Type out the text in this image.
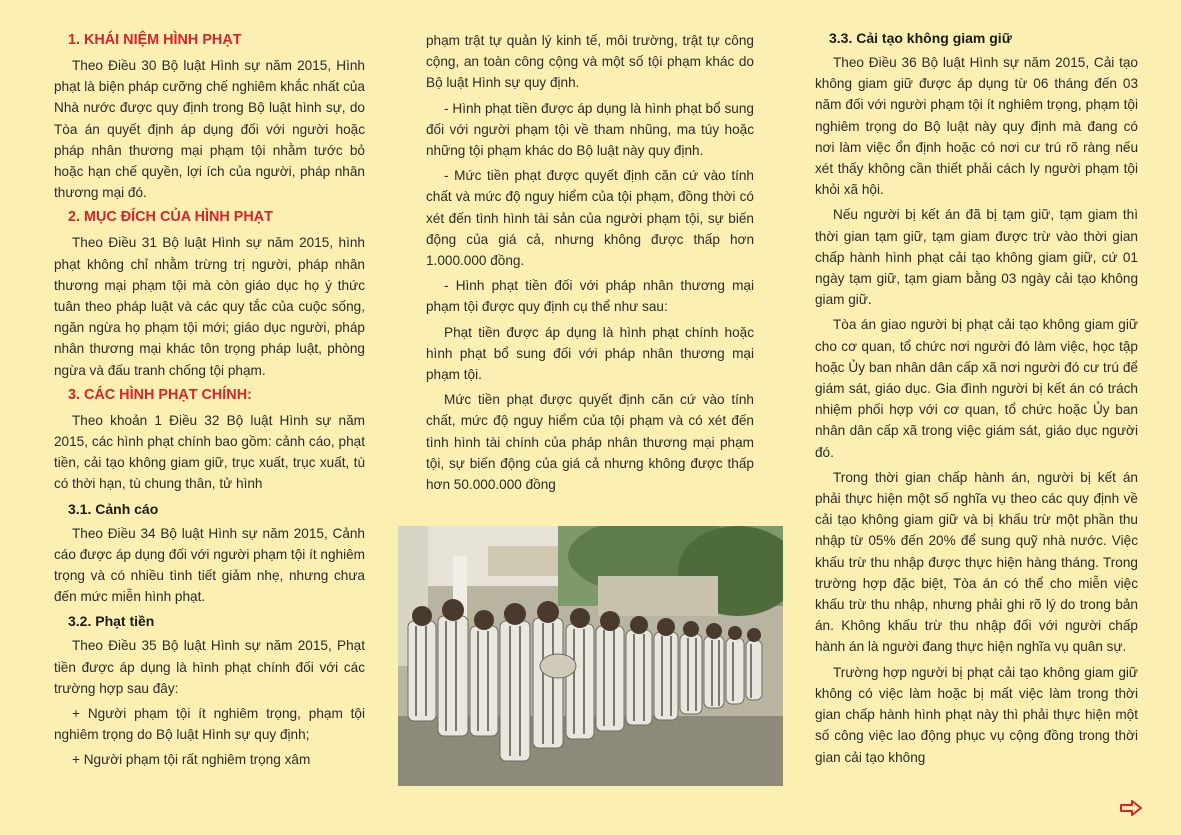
1. KHÁI NIỆM HÌNH PHẠT

Theo Điều 30 Bộ luật Hình sự năm 2015, Hình phạt là biện pháp cưỡng chế nghiêm khắc nhất của Nhà nước được quy định trong Bộ luật hình sự, do Tòa án quyết định áp dụng đối với người hoặc pháp nhân thương mại phạm tội nhằm tước bỏ hoặc hạn chế quyền, lợi ích của người, pháp nhân thương mại đó.

2. MỤC ĐÍCH CỦA HÌNH PHẠT

Theo Điều 31 Bộ luật Hình sự năm 2015, hình phạt không chỉ nhằm trừng trị người, pháp nhân thương mại phạm tội mà còn giáo dục họ ý thức tuân theo pháp luật và các quy tắc của cuộc sống, ngăn ngừa họ phạm tội mới; giáo dục người, pháp nhân thương mại khác tôn trọng pháp luật, phòng ngừa và đấu tranh chống tội phạm.

3. CÁC HÌNH PHẠT CHÍNH:

Theo khoản 1 Điều 32 Bộ luật Hình sự năm 2015, các hình phạt chính bao gồm: cảnh cáo, phạt tiền, cải tạo không giam giữ, trục xuất, trục xuất, tù có thời hạn, tù chung thân, tử hình

3.1. Cảnh cáo

Theo Điều 34 Bộ luật Hình sự năm 2015, Cảnh cáo được áp dụng đối với người phạm tội ít nghiêm trọng và có nhiều tình tiết giảm nhẹ, nhưng chưa đến mức miễn hình phạt.

3.2. Phạt tiền

Theo Điều 35 Bộ luật Hình sự năm 2015, Phạt tiền được áp dụng là hình phạt chính đối với các trường hợp sau đây:

+ Người phạm tội ít nghiêm trọng, phạm tội nghiêm trọng do Bộ luật Hình sự quy định;

+ Người phạm tội rất nghiêm trọng xâm

phạm trật tự quản lý kinh tế, môi trường, trật tự công cộng, an toàn công cộng và một số tội phạm khác do Bộ luật Hình sự quy định.

- Hình phạt tiền được áp dụng là hình phạt bổ sung đối với người phạm tội về tham nhũng, ma túy hoặc những tội phạm khác do Bộ luật này quy định.

- Mức tiền phạt được quyết định căn cứ vào tính chất và mức độ nguy hiểm của tội phạm, đồng thời có xét đến tình hình tài sản của người phạm tội, sự biến động của giá cả, nhưng không được thấp hơn 1.000.000 đồng.

- Hình phạt tiền đối với pháp nhân thương mại phạm tội được quy định cụ thể như sau:

Phạt tiền được áp dụng là hình phạt chính hoặc hình phạt bổ sung đối với pháp nhân thương mại phạm tội.

Mức tiền phạt được quyết định căn cứ vào tính chất, mức độ nguy hiểm của tội phạm và có xét đến tình hình tài chính của pháp nhân thương mại phạm tội, sự biến động của giá cả nhưng không được thấp hơn 50.000.000 đồng

3.3. Cải tạo không giam giữ

Theo Điều 36 Bộ luật Hình sự năm 2015, Cải tạo không giam giữ được áp dụng từ 06 tháng đến 03 năm đối với người phạm tội ít nghiêm trọng, phạm tội nghiêm trọng do Bộ luật này quy định mà đang có nơi làm việc ổn định hoặc có nơi cư trú rõ ràng nếu xét thấy không cần thiết phải cách ly người phạm tội khỏi xã hội.

Nếu người bị kết án đã bị tạm giữ, tạm giam thì thời gian tạm giữ, tạm giam được trừ vào thời gian chấp hành hình phạt cải tạo không giam giữ, cứ 01 ngày tạm giữ, tạm giam bằng 03 ngày cải tạo không giam giữ.

Tòa án giao người bị phạt cải tạo không giam giữ cho cơ quan, tổ chức nơi người đó làm việc, học tập hoặc Ủy ban nhân dân cấp xã nơi người đó cư trú để giám sát, giáo dục. Gia đình người bị kết án có trách nhiệm phối hợp với cơ quan, tổ chức hoặc Ủy ban nhân dân cấp xã trong việc giám sát, giáo dục người đó.

Trong thời gian chấp hành án, người bị kết án phải thực hiện một số nghĩa vụ theo các quy định về cải tạo không giam giữ và bị khấu trừ một phần thu nhập từ 05% đến 20% để sung quỹ nhà nước. Việc khấu trừ thu nhập được thực hiện hàng tháng. Trong trường hợp đặc biệt, Tòa án có thể cho miễn việc khấu trừ thu nhập, nhưng phải ghi rõ lý do trong bản án. Không khấu trừ thu nhập đối với người chấp hành án là người đang thực hiện nghĩa vụ quân sự.

Trường hợp người bị phạt cải tạo không giam giữ không có việc làm hoặc bị mất việc làm trong thời gian chấp hành hình phạt này thì phải thực hiện một số công việc lao động phục vụ cộng đồng trong thời gian cải tạo không
